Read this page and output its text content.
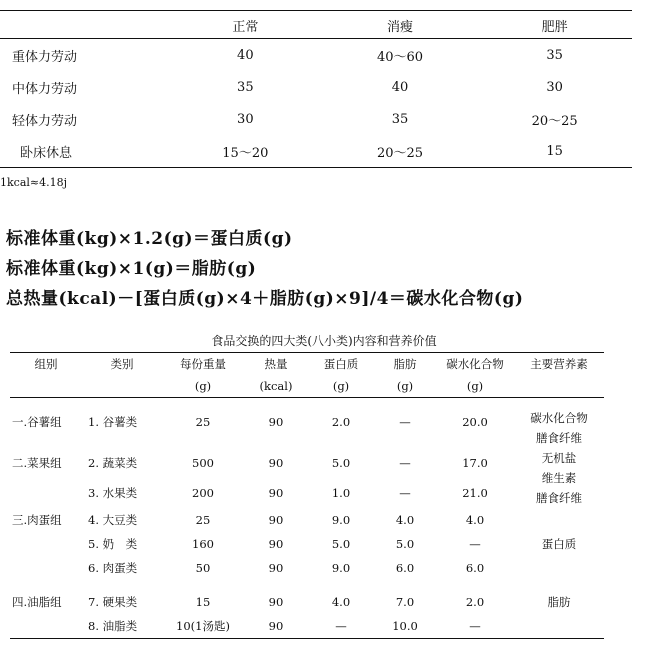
	正常	消瘦	肥胖
重体力劳动	40	40～60	35
中体力劳动	35	40	30
轻体力劳动	30	35	20～25
卧床休息	15～20	20～25	15
1kcal≈4.18j
标准体重(kg)×1.2(g)＝蛋白质(g)
标准体重(kg)×1(g)＝脂肪(g)
总热量(kcal)－[蛋白质(g)×4＋脂肪(g)×9]/4＝碳水化合物(g)
食品交换的四大类(八小类)内容和营养价值
组别	类别	每份重量	热量	蛋白质	脂肪	碳水化合物	主要营养素
		(g)	(kcal)	(g)	(g)	(g)	

一.谷薯组	1. 谷薯类	25	90	2.0	—	20.0	碳水化合物
膳食纤维

二.菜果组	2. 蔬菜类	500	90	5.0	—	17.0	无机盐
维生素
膳食纤维

	3. 水果类	200	90	1.0	—	21.0	
三.肉蛋组	4. 大豆类	25	90	9.0	4.0	4.0	蛋白质

	5. 奶　类	160	90	5.0	5.0	—	
	6. 肉蛋类	50	90	9.0	6.0	6.0	

四.油脂组	7. 硬果类	15	90	4.0	7.0	2.0	脂肪

	8. 油脂类	10(1汤匙)	90	—	10.0	—	
